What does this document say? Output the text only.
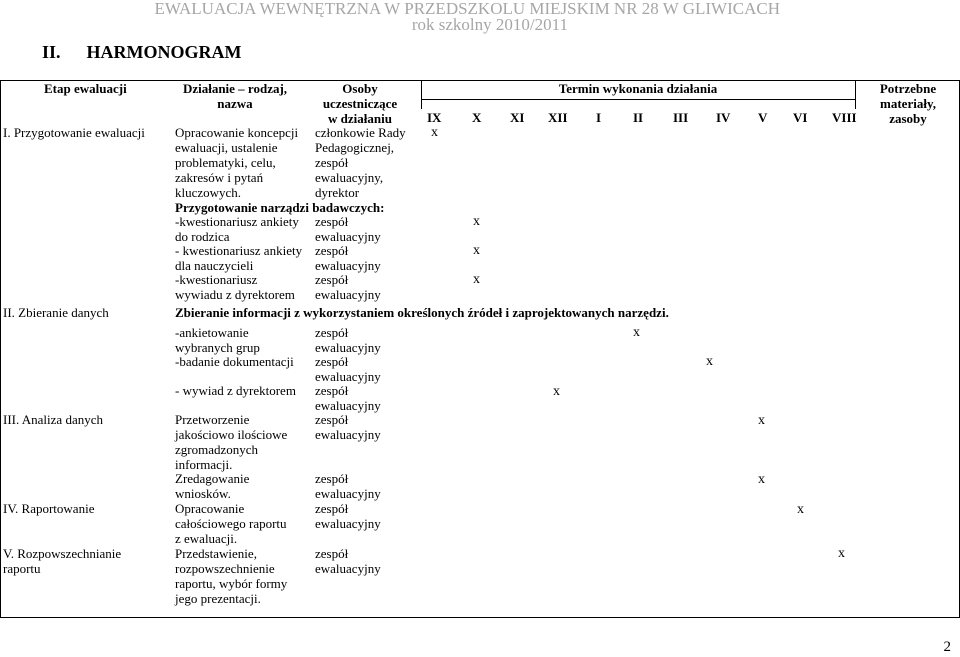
EWALUACJA WEWNĘTRZNA W PRZEDSZKOLU MIEJSKIM NR 28 W GLIWICACH
rok szkolny 2010/2011
II. HARMONOGRAM
Etap ewaluacji	Działanie – rodzaj,
nazwa
Osoby
uczestniczące
w działaniu
Termin wykonania działania	Potrzebne
materiały,
zasoby
IX X XI XII I II III IV V VI VIII
I. Przygotowanie ewaluacji
II. Zbieranie danych
III. Analiza danych
IV. Raportowanie
V. Rozpowszechnianie
raportu
Opracowanie koncepcji
ewaluacji, ustalenie
problematyki, celu,
zakresów i pytań
kluczowych.
członkowie Rady
Pedagogicznej,
zespół
ewaluacyjny,
dyrektor
x
Przygotowanie narządzi badawczych:
-kwestionariusz ankiety
do rodzica
zespół
ewaluacyjny
x
- kwestionariusz ankiety
dla nauczycieli
zespół
ewaluacyjny
x
-kwestionariusz
wywiadu z dyrektorem
zespół
ewaluacyjny
x
Zbieranie informacji z wykorzystaniem określonych źródeł i zaprojektowanych narzędzi.
-ankietowanie
wybranych grup
zespół
ewaluacyjny
x
-badanie dokumentacji zespół
ewaluacyjny
x
- wywiad z dyrektorem zespół
ewaluacyjny
x
Przetworzenie
jakościowo ilościowe
zgromadzonych
informacji.
zespół
ewaluacyjny
x
Zredagowanie
wniosków.
zespół
ewaluacyjny
x
Opracowanie
całościowego raportu
z ewaluacji.
zespół
ewaluacyjny
x
Przedstawienie,
rozpowszechnienie
raportu, wybór formy
jego prezentacji.
zespół
ewaluacyjny
x
2
